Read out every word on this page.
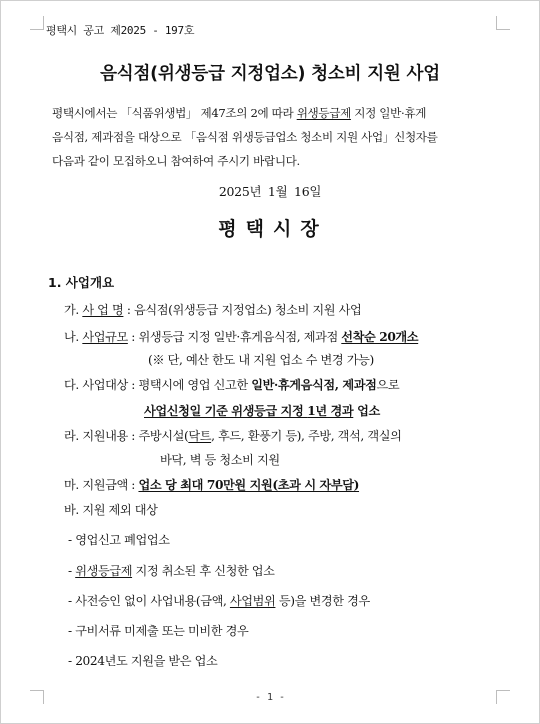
평택시 공고 제2025 - 197호
음식점(위생등급 지정업소) 청소비 지원 사업
평택시에서는 「식품위생법」 제47조의 2에 따라 위생등급제 지정 일반·휴게
음식점, 제과점을 대상으로 「음식점 위생등급업소 청소비 지원 사업」신청자를
다음과 같이 모집하오니 참여하여 주시기 바랍니다.
2025년 1월 16일
평택시장
1. 사업개요
가. 사 업 명 : 음식점(위생등급 지정업소) 청소비 지원 사업
나. 사업규모 : 위생등급 지정 일반·휴게음식점, 제과점 선착순 20개소
(※ 단, 예산 한도 내 지원 업소 수 변경 가능)
다. 사업대상 : 평택시에 영업 신고한 일반·휴게음식점, 제과점으로
사업신청일 기준 위생등급 지정 1년 경과 업소
라. 지원내용 : 주방시설(닥트, 후드, 환풍기 등), 주방, 객석, 객실의
바닥, 벽 등 청소비 지원
마. 지원금액 : 업소 당 최대 70만원 지원(초과 시 자부담)
바. 지원 제외 대상
- 영업신고 폐업업소
- 위생등급제 지정 취소된 후 신청한 업소
- 사전승인 없이 사업내용(금액, 사업범위 등)을 변경한 경우
- 구비서류 미제출 또는 미비한 경우
- 2024년도 지원을 받은 업소
- 1 -
